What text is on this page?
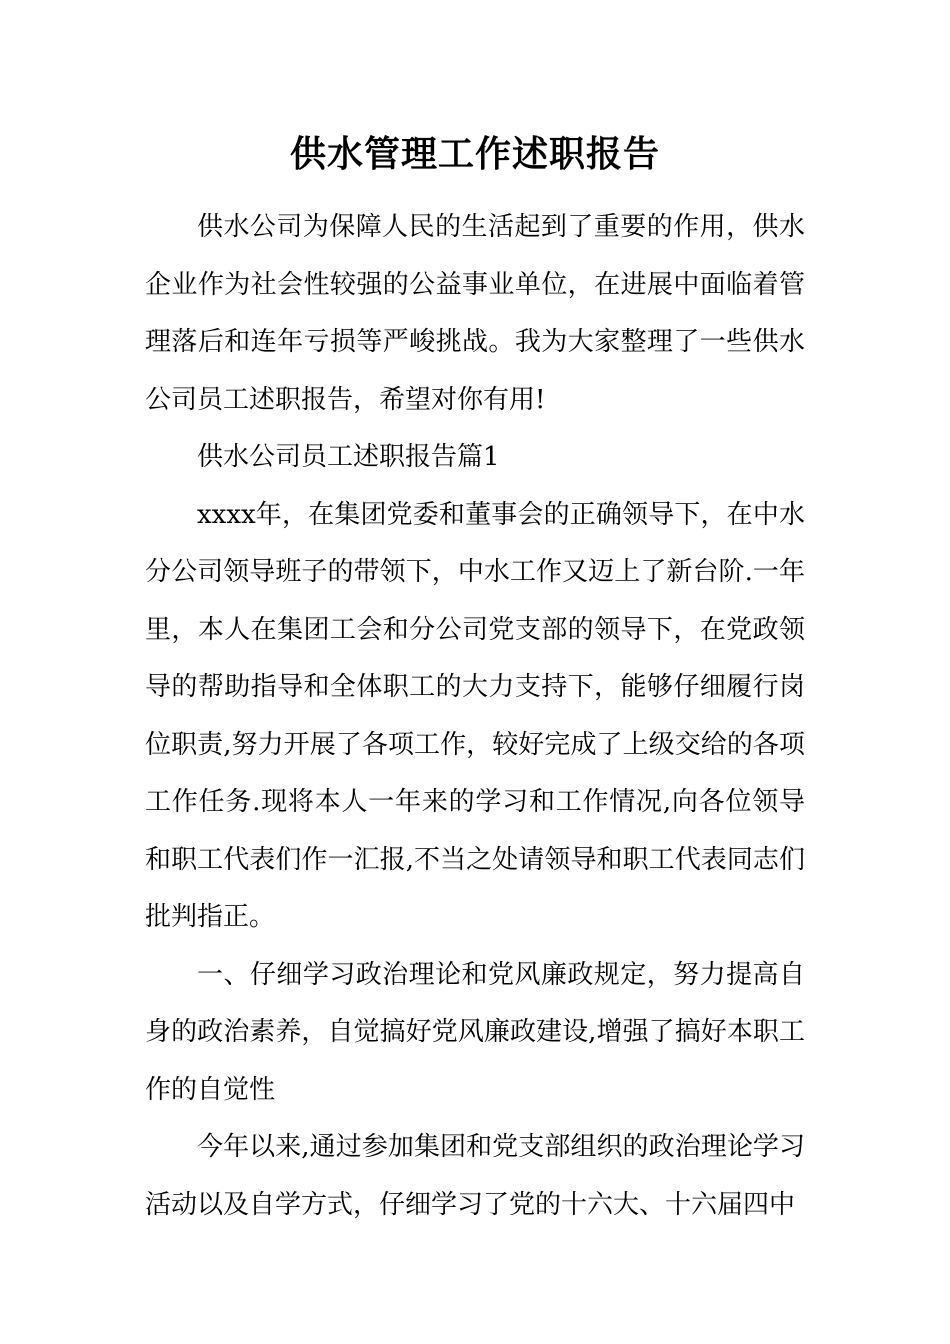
供水管理工作述职报告

供水公司为保障人民的生活起到了重要的作用，供水企业作为社会性较强的公益事业单位，在进展中面临着管理落后和连年亏损等严峻挑战。我为大家整理了一些供水公司员工述职报告，希望对你有用!

供水公司员工述职报告篇1

xxxx年，在集团党委和董事会的正确领导下，在中水分公司领导班子的带领下，中水工作又迈上了新台阶.一年里，本人在集团工会和分公司党支部的领导下，在党政领导的帮助指导和全体职工的大力支持下，能够仔细履行岗位职责,努力开展了各项工作，较好完成了上级交给的各项工作任务.现将本人一年来的学习和工作情况,向各位领导和职工代表们作一汇报,不当之处请领导和职工代表同志们批判指正。

一、仔细学习政治理论和党风廉政规定，努力提高自身的政治素养，自觉搞好党风廉政建设,增强了搞好本职工作的自觉性

今年以来,通过参加集团和党支部组织的政治理论学习活动以及自学方式，仔细学习了党的十六大、十六届四中
